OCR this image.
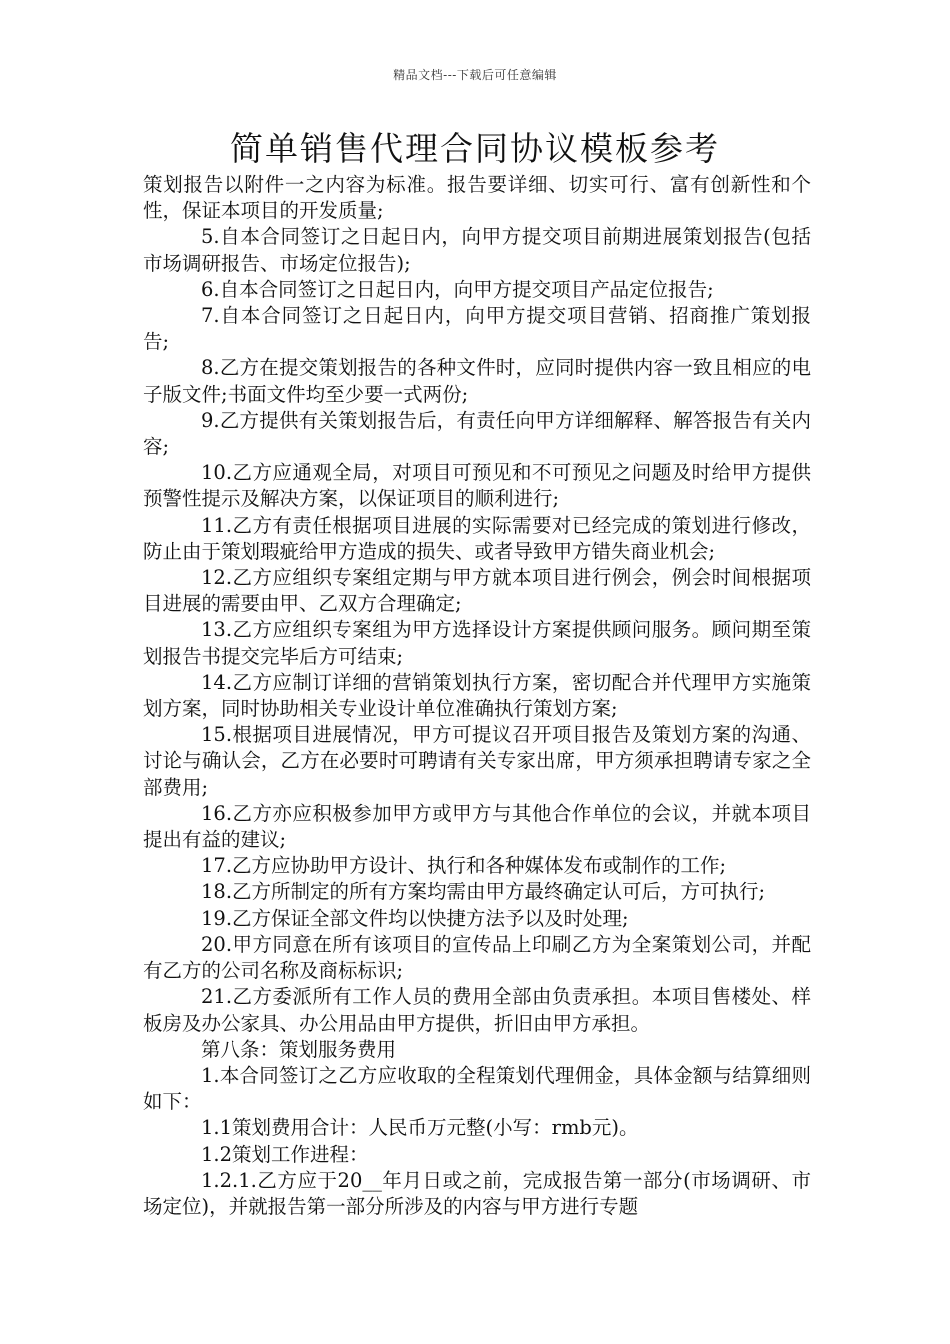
精品文档---下载后可任意编辑
简单销售代理合同协议模板参考

策划报告以附件一之内容为标准。报告要详细、切实可行、富有创新性和个性，保证本项目的开发质量;

5.自本合同签订之日起日内，向甲方提交项目前期进展策划报告(包括市场调研报告、市场定位报告);

6.自本合同签订之日起日内，向甲方提交项目产品定位报告;

7.自本合同签订之日起日内，向甲方提交项目营销、招商推广策划报告;

8.乙方在提交策划报告的各种文件时，应同时提供内容一致且相应的电子版文件;书面文件均至少要一式两份;

9.乙方提供有关策划报告后，有责任向甲方详细解释、解答报告有关内容;

10.乙方应通观全局，对项目可预见和不可预见之问题及时给甲方提供预警性提示及解决方案，以保证项目的顺利进行;

11.乙方有责任根据项目进展的实际需要对已经完成的策划进行修改，防止由于策划瑕疵给甲方造成的损失、或者导致甲方错失商业机会;

12.乙方应组织专案组定期与甲方就本项目进行例会，例会时间根据项目进展的需要由甲、乙双方合理确定;

13.乙方应组织专案组为甲方选择设计方案提供顾问服务。顾问期至策划报告书提交完毕后方可结束;

14.乙方应制订详细的营销策划执行方案，密切配合并代理甲方实施策划方案，同时协助相关专业设计单位准确执行策划方案;

15.根据项目进展情况，甲方可提议召开项目报告及策划方案的沟通、讨论与确认会，乙方在必要时可聘请有关专家出席，甲方须承担聘请专家之全部费用;

16.乙方亦应积极参加甲方或甲方与其他合作单位的会议，并就本项目提出有益的建议;

17.乙方应协助甲方设计、执行和各种媒体发布或制作的工作;

18.乙方所制定的所有方案均需由甲方最终确定认可后，方可执行;

19.乙方保证全部文件均以快捷方法予以及时处理;

20.甲方同意在所有该项目的宣传品上印刷乙方为全案策划公司，并配有乙方的公司名称及商标标识;

21.乙方委派所有工作人员的费用全部由负责承担。本项目售楼处、样板房及办公家具、办公用品由甲方提供，折旧由甲方承担。

第八条：策划服务费用

1.本合同签订之乙方应收取的全程策划代理佣金，具体金额与结算细则如下：

1.1策划费用合计：人民币万元整(小写：rmb元)。

1.2策划工作进程：

1.2.1.乙方应于20__年月日或之前，完成报告第一部分(市场调研、市场定位)，并就报告第一部分所涉及的内容与甲方进行专题
